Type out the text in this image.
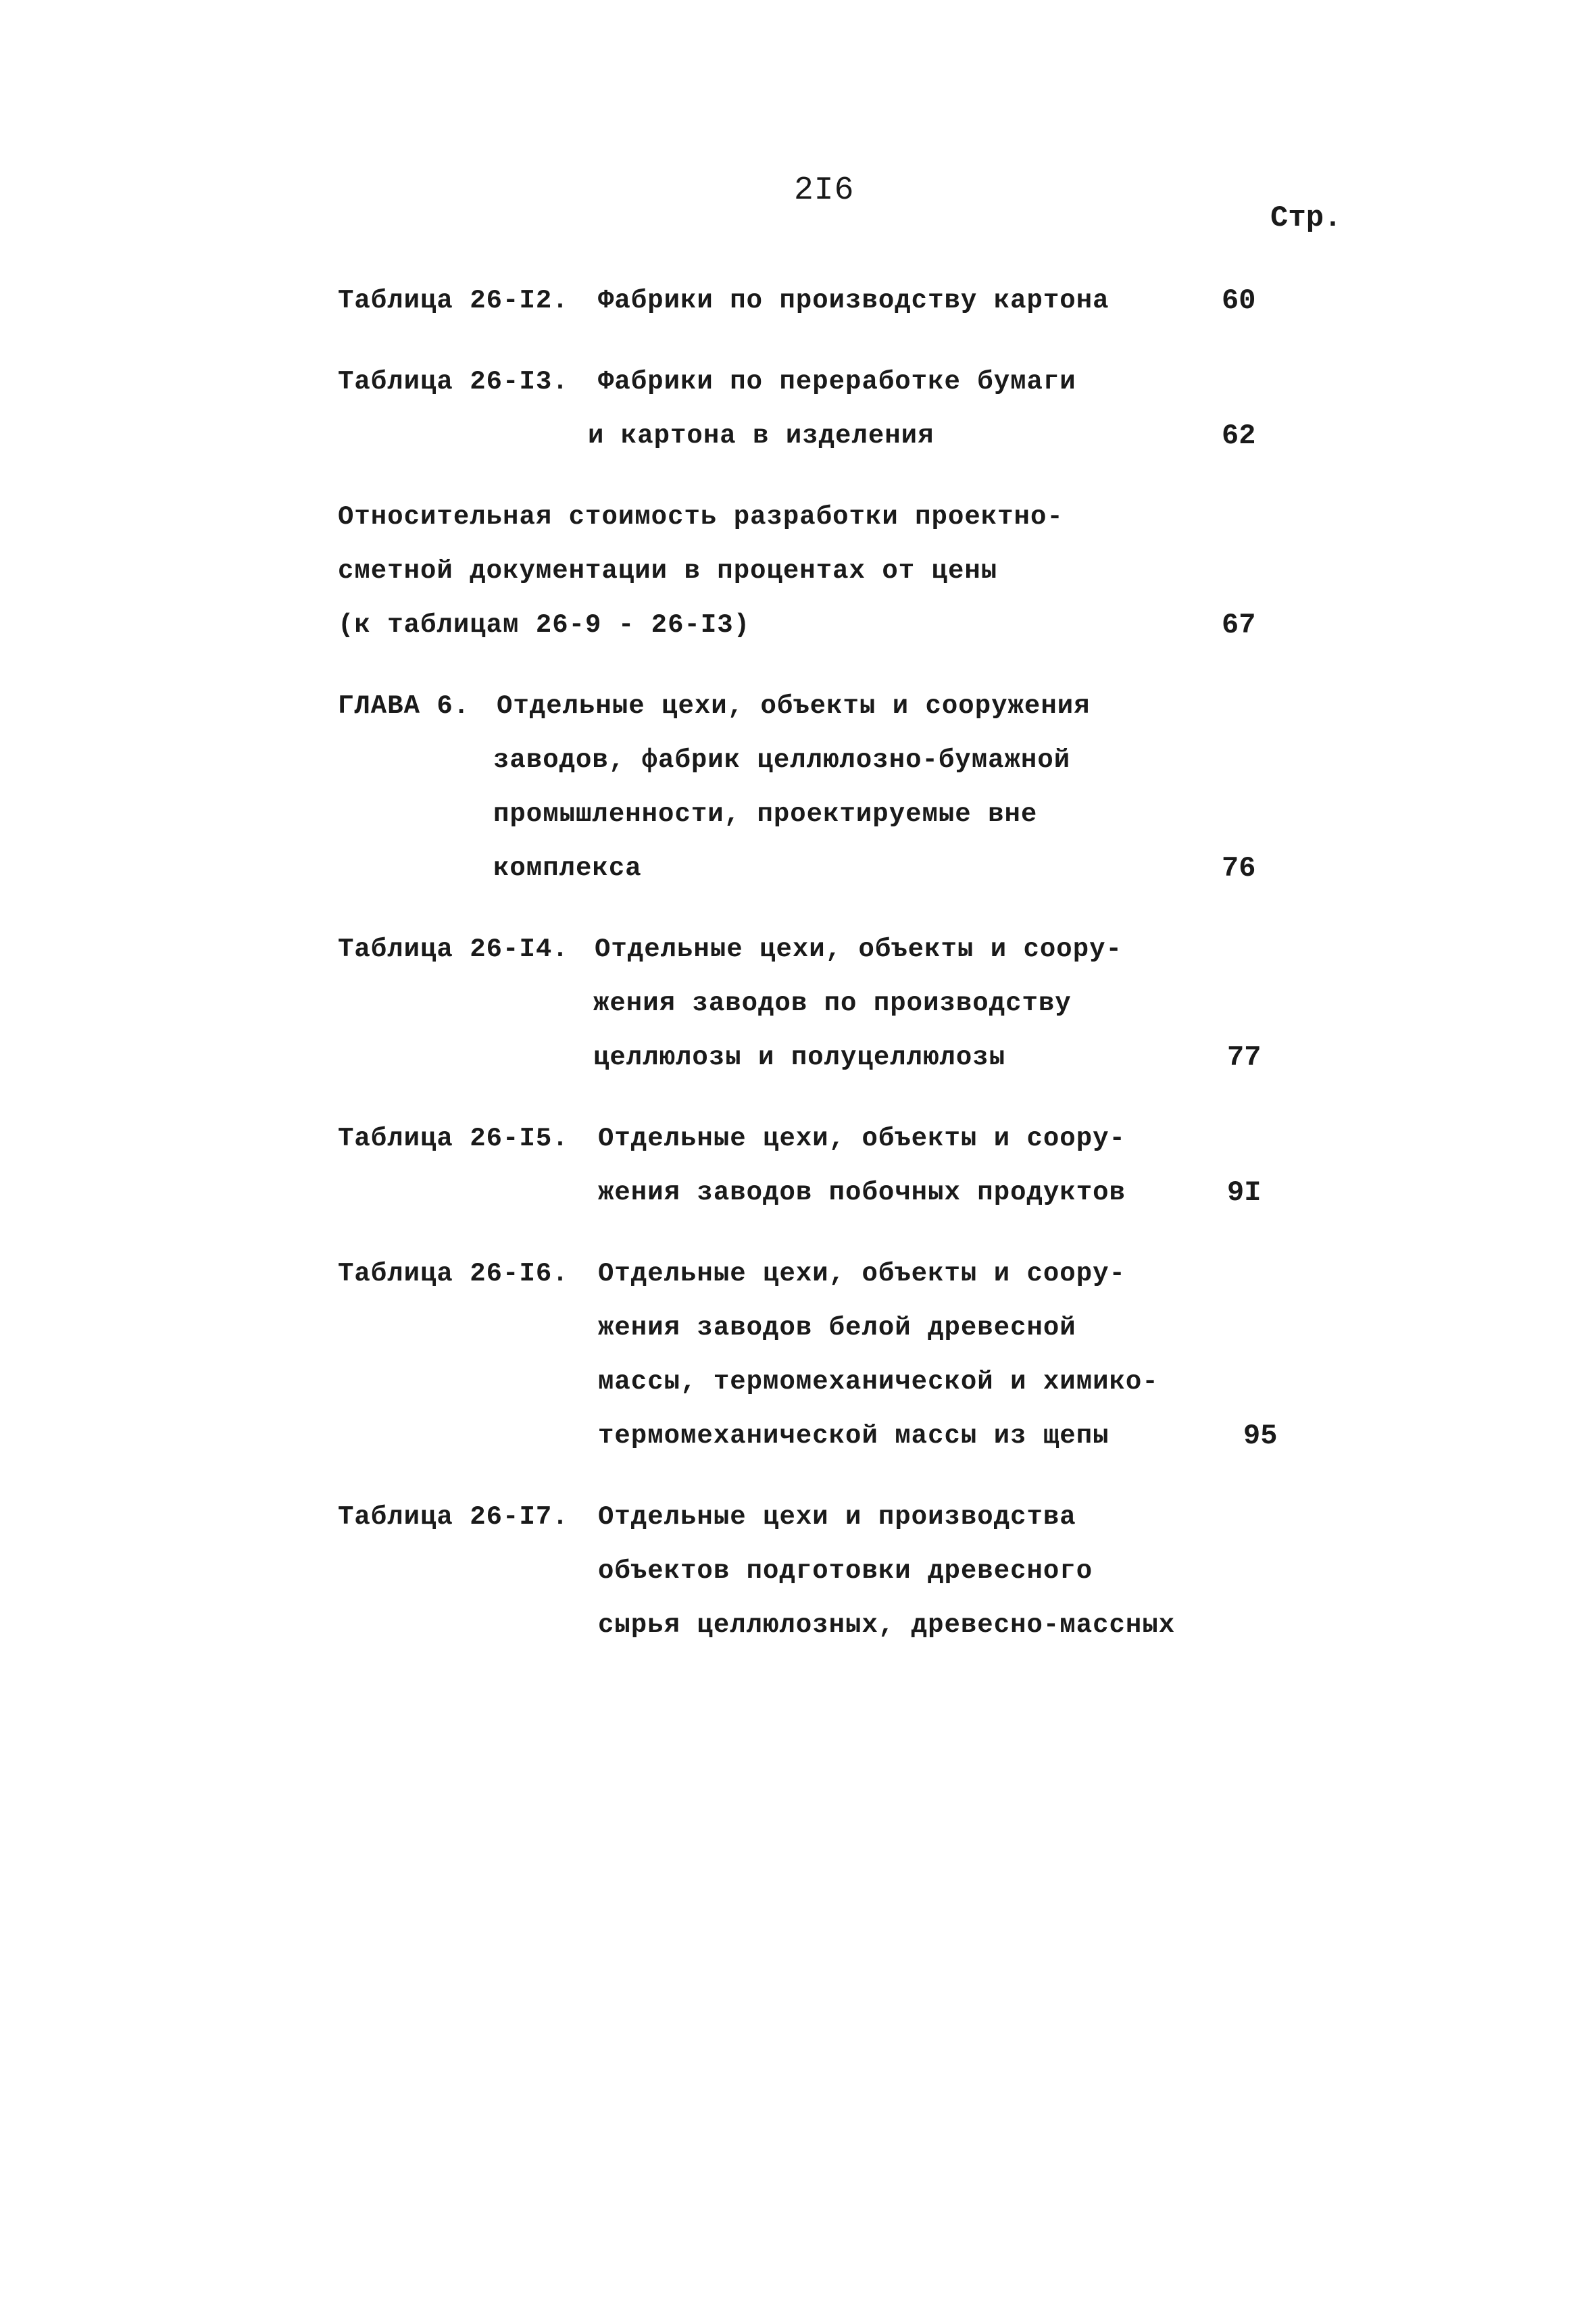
2I6
Стр.
Таблица 26-I2. Фабрики по производству картона	60
Таблица 26-I3. Фабрики по переработке бумаги
и картона в изделения	62
Относительная стоимость разработки проектно-
сметной документации в процентах от цены
(к таблицам 26-9 - 26-I3)	67
ГЛАВА 6. Отдельные цехи, объекты и сооружения
заводов, фабрик целлюлозно-бумажной
промышленности, проектируемые вне
комплекса	76
Таблица 26-I4. Отдельные цехи, объекты и соору-
жения заводов по производству
целлюлозы и полуцеллюлозы	77
Таблица 26-I5. Отдельные цехи, объекты и соору-
жения заводов побочных продуктов	9I
Таблица 26-I6. Отдельные цехи, объекты и соору-
жения заводов белой древесной
массы, термомеханической и химико-
термомеханической массы из щепы	95
Таблица 26-I7. Отдельные цехи и производства
объектов подготовки древесного
сырья целлюлозных, древесно-массных
